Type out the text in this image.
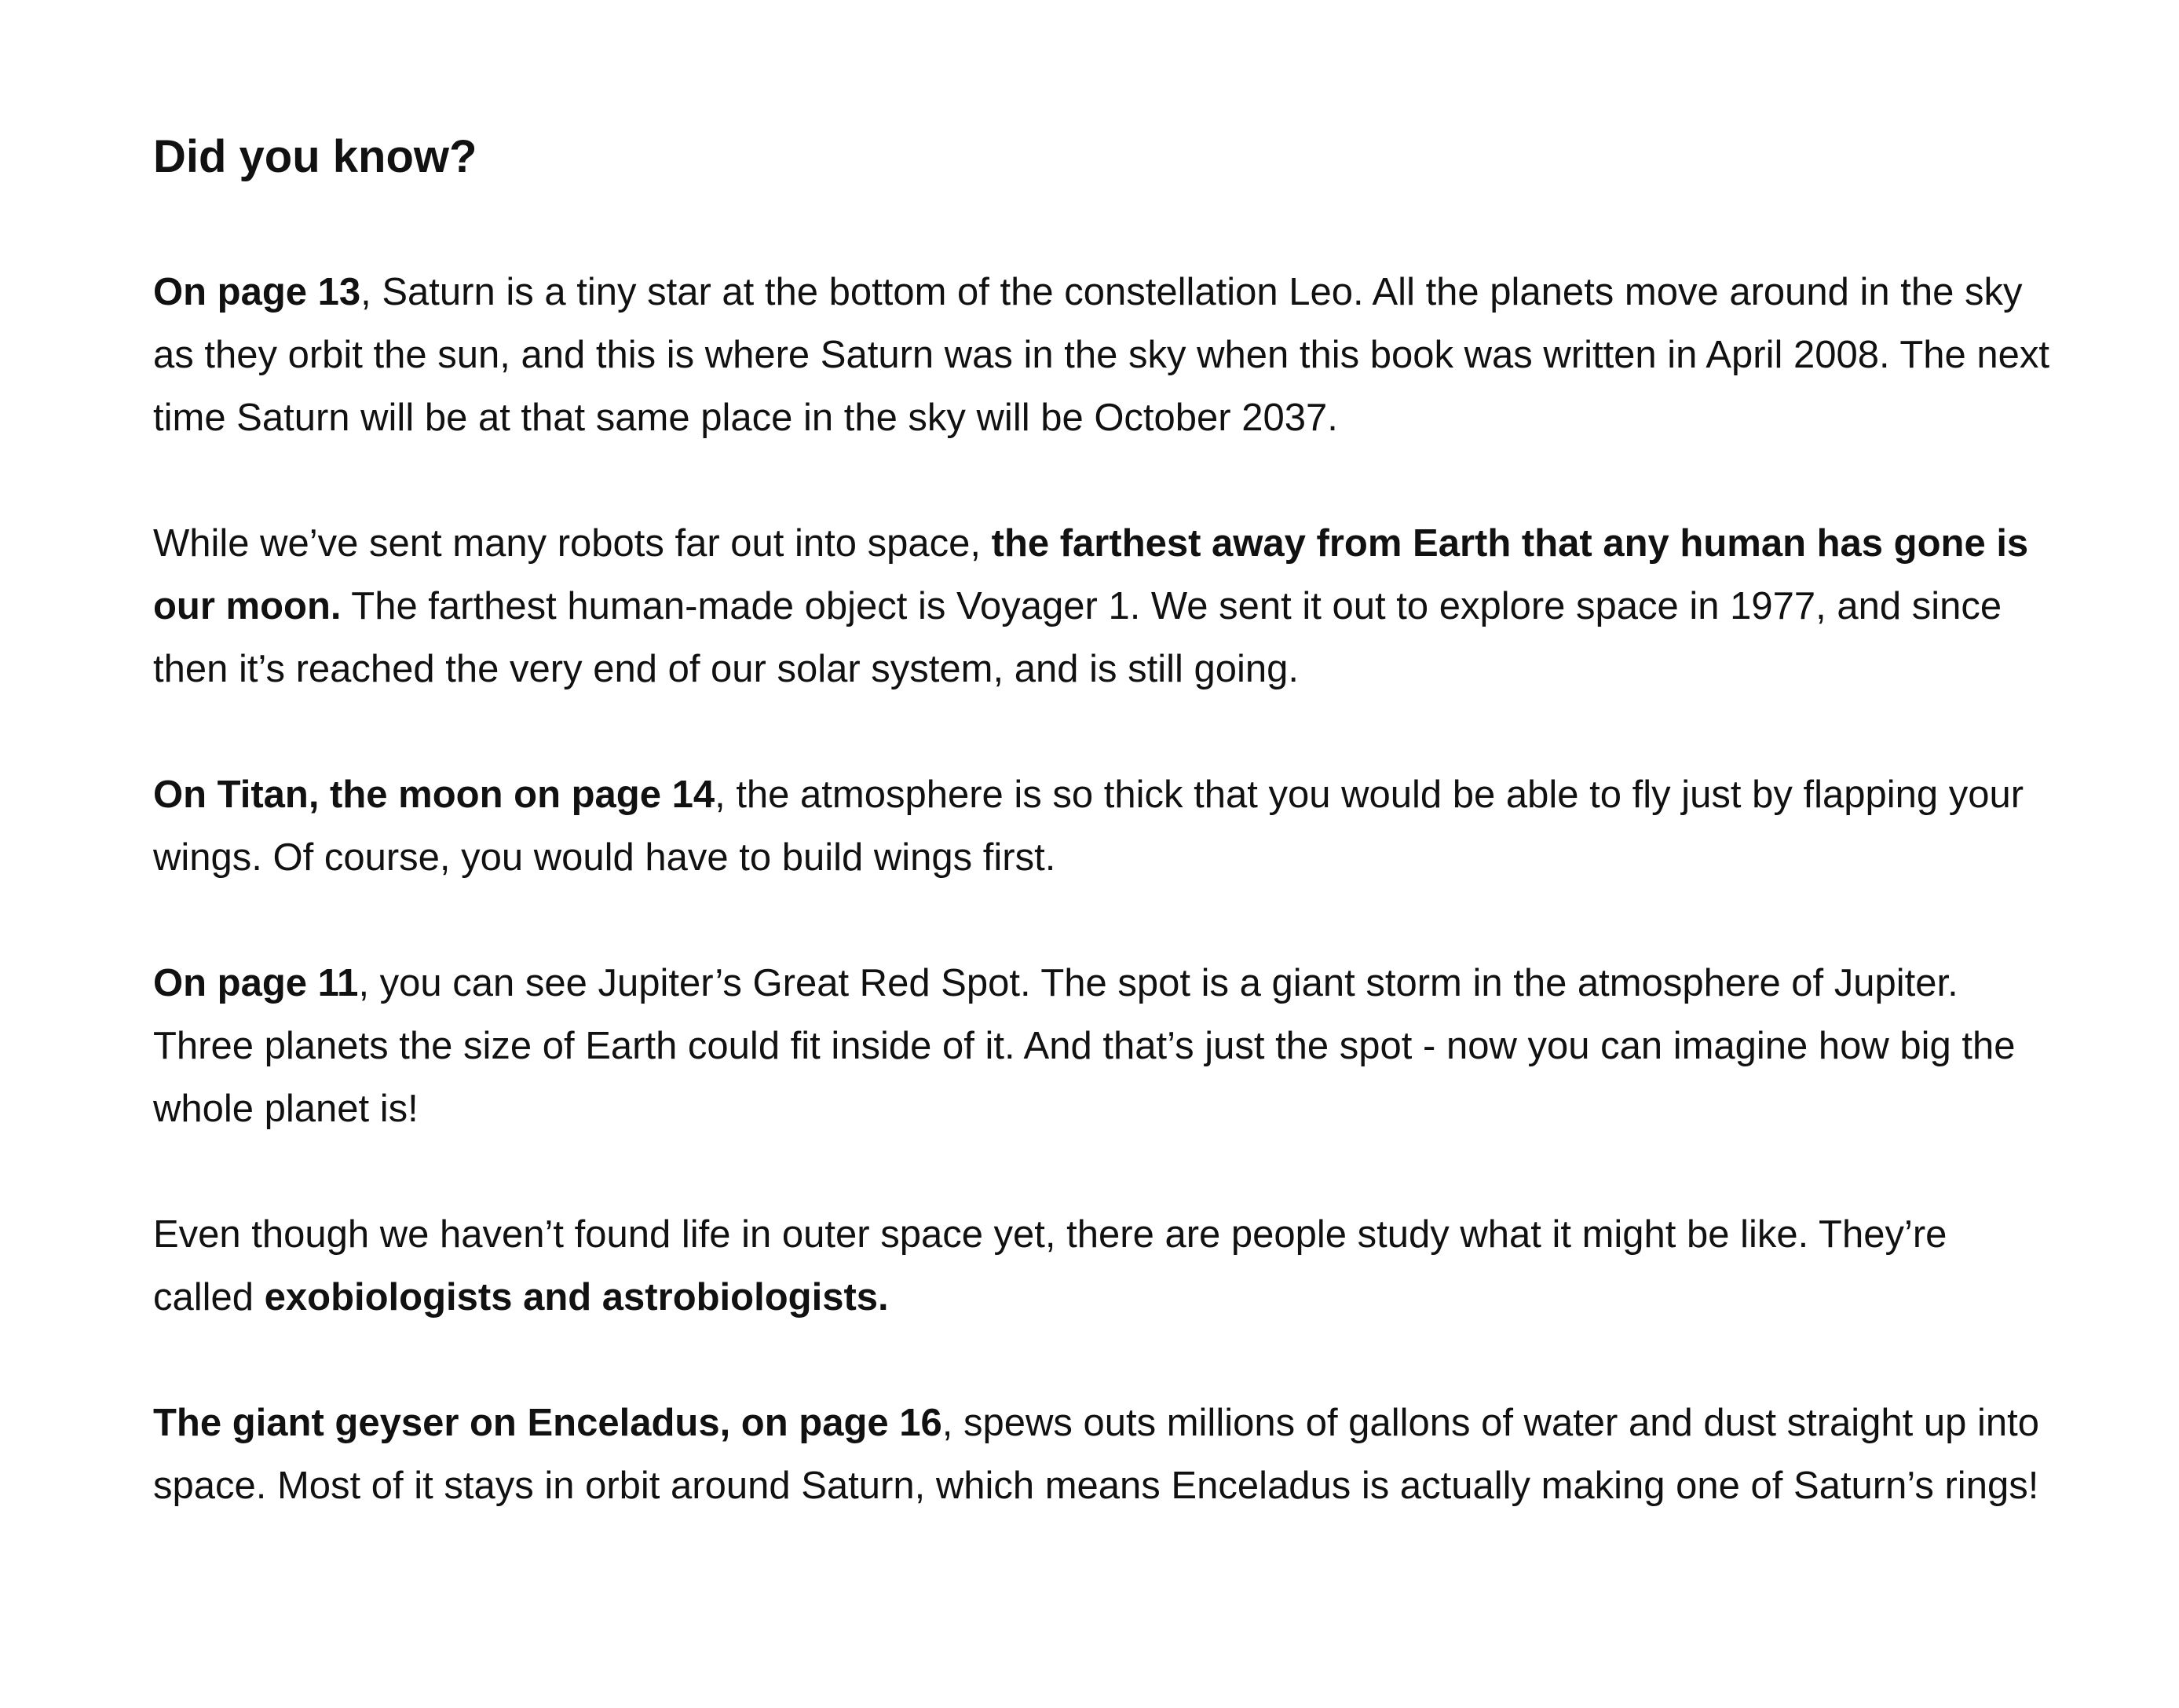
Did you know?

On page 13, Saturn is a tiny star at the bottom of the constellation Leo. All the planets move around in the sky as they orbit the sun, and this is where Saturn was in the sky when this book was written in April 2008. The next time Saturn will be at that same place in the sky will be October 2037.

While we’ve sent many robots far out into space, the farthest away from Earth that any human has gone is our moon. The farthest human-made object is Voyager 1. We sent it out to explore space in 1977, and since then it’s reached the very end of our solar system, and is still going.

On Titan, the moon on page 14, the atmosphere is so thick that you would be able to fly just by flapping your wings. Of course, you would have to build wings first.

On page 11, you can see Jupiter’s Great Red Spot. The spot is a giant storm in the atmosphere of Jupiter. Three planets the size of Earth could fit inside of it. And that’s just the spot - now you can imagine how big the whole planet is!

Even though we haven’t found life in outer space yet, there are people study what it might be like. They’re called exobiologists and astrobiologists.

The giant geyser on Enceladus, on page 16, spews outs millions of gallons of water and dust straight up into space. Most of it stays in orbit around Saturn, which means Enceladus is actually making one of Saturn’s rings!
